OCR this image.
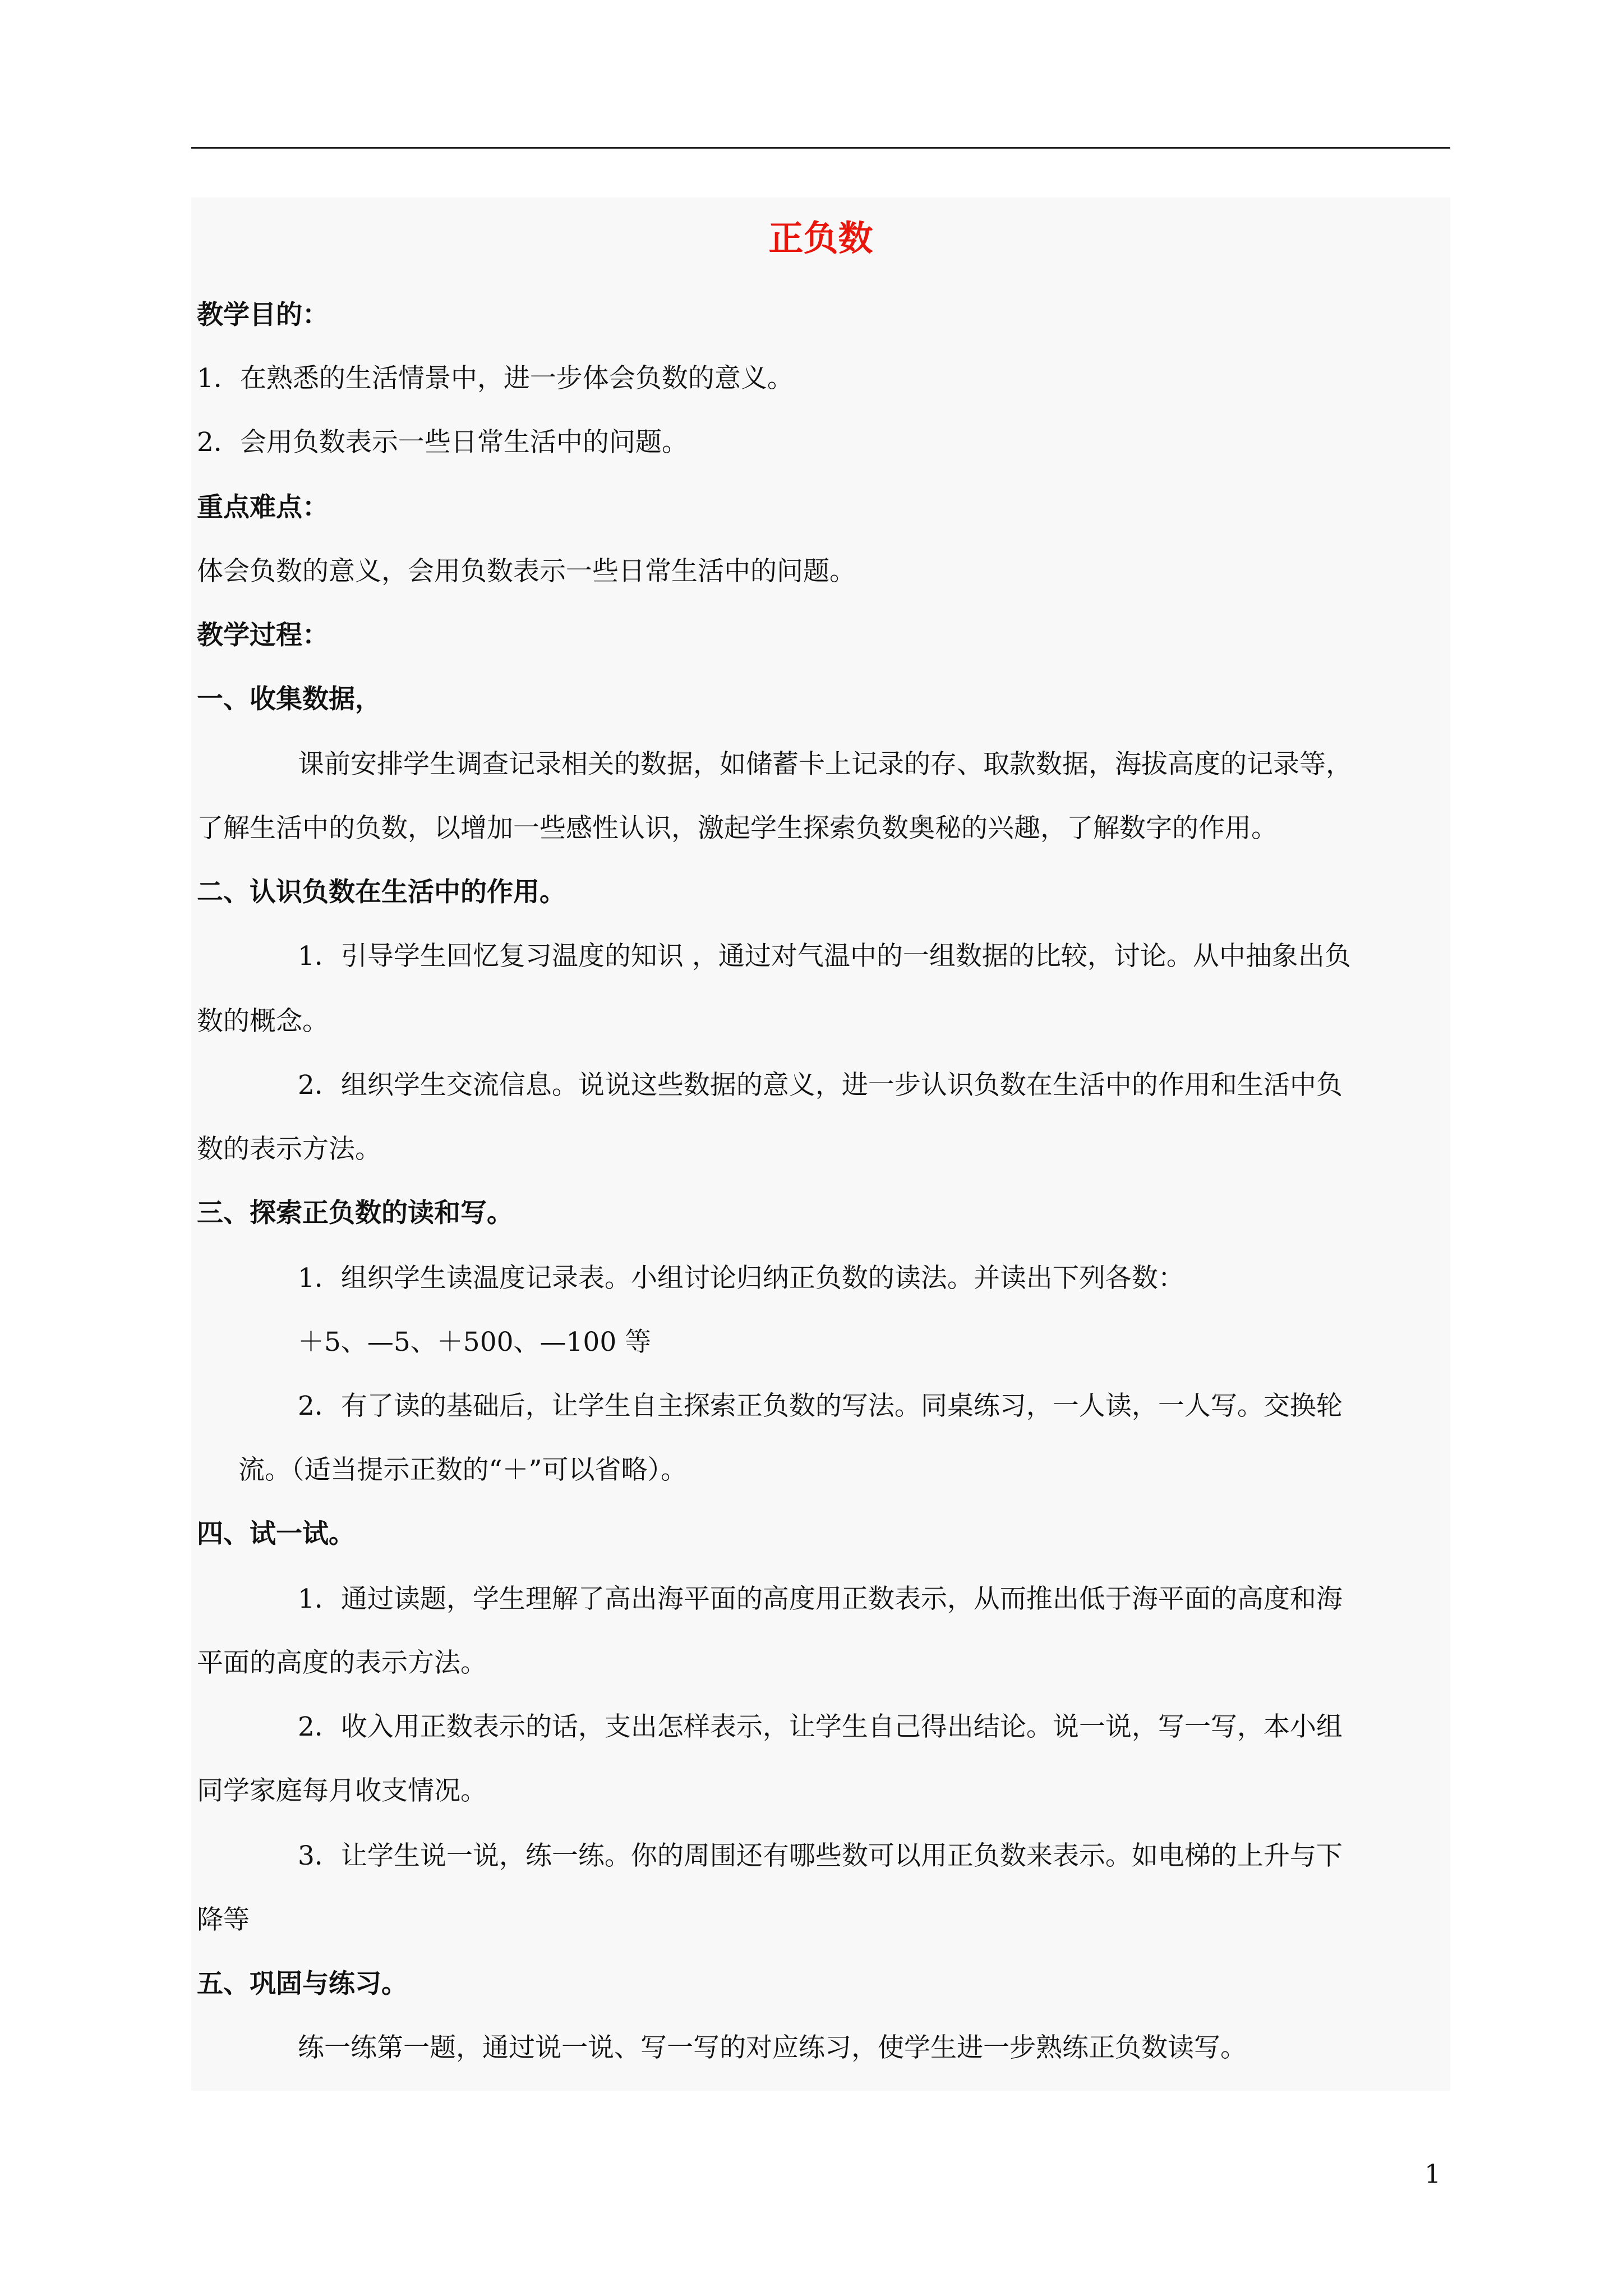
正负数

教学目的：

1．在熟悉的生活情景中，进一步体会负数的意义。

2．会用负数表示一些日常生活中的问题。

重点难点：

体会负数的意义，会用负数表示一些日常生活中的问题。

教学过程：

一、收集数据，

课前安排学生调查记录相关的数据，如储蓄卡上记录的存、取款数据，海拔高度的记录等，

了解生活中的负数，以增加一些感性认识，激起学生探索负数奥秘的兴趣，了解数字的作用。

二、认识负数在生活中的作用。

1．引导学生回忆复习温度的知识 ，通过对气温中的一组数据的比较，讨论。从中抽象出负

数的概念。

2．组织学生交流信息。说说这些数据的意义，进一步认识负数在生活中的作用和生活中负

数的表示方法。

三、探索正负数的读和写。

1．组织学生读温度记录表。小组讨论归纳正负数的读法。并读出下列各数：

＋5、—5、＋500、—100 等

2．有了读的基础后，让学生自主探索正负数的写法。同桌练习，一人读，一人写。交换轮

流。（适当提示正数的“＋”可以省略）。

四、试一试。

1．通过读题，学生理解了高出海平面的高度用正数表示，从而推出低于海平面的高度和海

平面的高度的表示方法。

2．收入用正数表示的话，支出怎样表示，让学生自己得出结论。说一说，写一写，本小组

同学家庭每月收支情况。

3．让学生说一说，练一练。你的周围还有哪些数可以用正负数来表示。如电梯的上升与下

降等

五、巩固与练习。

练一练第一题，通过说一说、写一写的对应练习，使学生进一步熟练正负数读写。

1
